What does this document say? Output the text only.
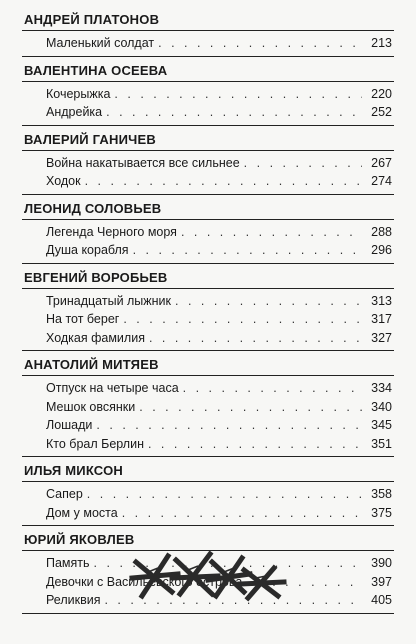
АНДРЕЙ ПЛАТОНОВ
Маленький солдат . . .	213
ВАЛЕНТИНА ОСЕЕВА
Кочерыжка . . .	220
Андрейка . . .	252
ВАЛЕРИЙ ГАНИЧЕВ
Война накатывается все сильнее . . .	267
Ходок . . .	274
ЛЕОНИД СОЛОВЬЕВ
Легенда Черного моря . . .	288
Душа корабля . . .	296
ЕВГЕНИЙ ВОРОБЬЕВ
Тринадцатый лыжник . . .	313
На тот берег . . .	317
Ходкая фамилия . . .	327
АНАТОЛИЙ МИТЯЕВ
Отпуск на четыре часа . . .	334
Мешок овсянки . . .	340
Лошади . . .	345
Кто брал Берлин . . .	351
ИЛЬЯ МИКСОН
Сапер . . .	358
Дом у моста . . .	375
ЮРИЙ ЯКОВЛЕВ
Память . . .	390
Девочки с Васильевского острова . . .	397
Реликвия . . .	405
